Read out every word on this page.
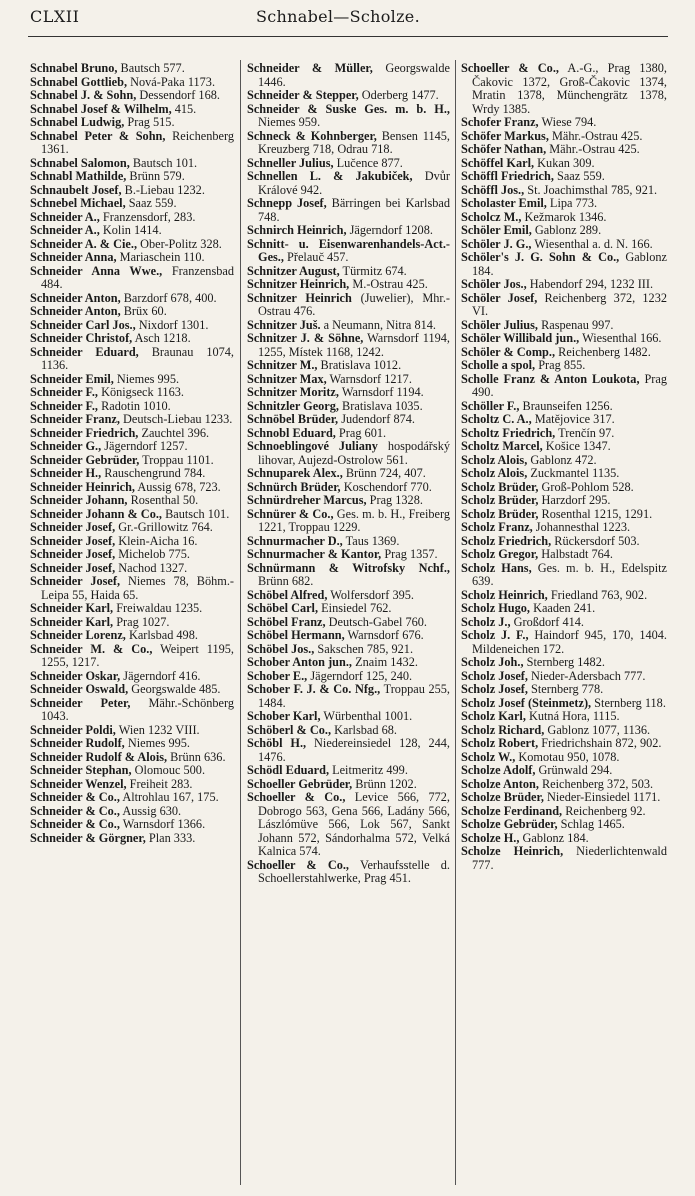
CLXII	Schnabel—Scholze.

Schnabel Bruno, Bautsch 577.

Schnabel Gottlieb, Nová-Paka 1173.

Schnabel J. & Sohn, Dessendorf 168.

Schnabel Josef & Wilhelm, 415.

Schnabel Ludwig, Prag 515.

Schnabel Peter & Sohn, Reichenberg 1361.

Schnabel Salomon, Bautsch 101.

Schnabl Mathilde, Brünn 579.

Schnaubelt Josef, B.-Liebau 1232.

Schnebel Michael, Saaz 559.

Schneider A., Franzensdorf, 283.

Schneider A., Kolin 1414.

Schneider A. & Cie., Ober-Politz 328.

Schneider Anna, Mariaschein 110.

Schneider Anna Wwe., Franzensbad 484.

Schneider Anton, Barzdorf 678, 400.

Schneider Anton, Brüx 60.

Schneider Carl Jos., Nixdorf 1301.

Schneider Christof, Asch 1218.

Schneider Eduard, Braunau 1074, 1136.

Schneider Emil, Niemes 995.

Schneider F., Königseck 1163.

Schneider F., Radotin 1010.

Schneider Franz, Deutsch-Liebau 1233.

Schneider Friedrich, Zauchtel 396.

Schneider G., Jägerndorf 1257.

Schneider Gebrüder, Troppau 1101.

Schneider H., Rauschengrund 784.

Schneider Heinrich, Aussig 678, 723.

Schneider Johann, Rosenthal 50.

Schneider Johann & Co., Bautsch 101.

Schneider Josef, Gr.-Grillowitz 764.

Schneider Josef, Klein-Aicha 16.

Schneider Josef, Michelob 775.

Schneider Josef, Nachod 1327.

Schneider Josef, Niemes 78, Böhm.-Leipa 55, Haida 65.

Schneider Karl, Freiwaldau 1235.

Schneider Karl, Prag 1027.

Schneider Lorenz, Karlsbad 498.

Schneider M. & Co., Weipert 1195, 1255, 1217.

Schneider Oskar, Jägerndorf 416.

Schneider Oswald, Georgswalde 485.

Schneider Peter, Mähr.-Schönberg 1043.

Schneider Poldi, Wien 1232 VIII.

Schneider Rudolf, Niemes 995.

Schneider Rudolf & Alois, Brünn 636.

Schneider Stephan, Olomouc 500.

Schneider Wenzel, Freiheit 283.

Schneider & Co., Altrohlau 167, 175.

Schneider & Co., Aussig 630.

Schneider & Co., Warnsdorf 1366.

Schneider & Görgner, Plan 333.

Schneider & Müller, Georgswalde 1446.

Schneider & Stepper, Oderberg 1477.

Schneider & Suske Ges. m. b. H., Niemes 959.

Schneck & Kohnberger, Bensen 1145, Kreuzberg 718, Odrau 718.

Schneller Julius, Lučence 877.

Schnellen L. & Jakubiček, Dvůr Králové 942.

Schnepp Josef, Bärringen bei Karlsbad 748.

Schnirch Heinrich, Jägerndorf 1208.

Schnitt- u. Eisenwarenhandels-Act.-Ges., Přelauč 457.

Schnitzer August, Türmitz 674.

Schnitzer Heinrich, M.-Ostrau 425.

Schnitzer Heinrich (Juwelier), Mhr.-Ostrau 476.

Schnitzer Juš. a Neumann, Nitra 814.

Schnitzer J. & Söhne, Warnsdorf 1194, 1255, Místek 1168, 1242.

Schnitzer M., Bratislava 1012.

Schnitzer Max, Warnsdorf 1217.

Schnitzer Moritz, Warnsdorf 1194.

Schnitzler Georg, Bratislava 1035.

Schnöbel Brüder, Judendorf 874.

Schnobl Eduard, Prag 601.

Schnoeblingové Juliany hospodářský lihovar, Aujezd-Ostrolow 561.

Schnuparek Alex., Brünn 724, 407.

Schnürch Brüder, Koschendorf 770.

Schnürdreher Marcus, Prag 1328.

Schnürer & Co., Ges. m. b. H., Freiberg 1221, Troppau 1229.

Schnurmacher D., Taus 1369.

Schnurmacher & Kantor, Prag 1357.

Schnürmann & Witrofsky Nchf., Brünn 682.

Schöbel Alfred, Wolfersdorf 395.

Schöbel Carl, Einsiedel 762.

Schöbel Franz, Deutsch-Gabel 760.

Schöbel Hermann, Warnsdorf 676.

Schöbel Jos., Sakschen 785, 921.

Schober Anton jun., Znaim 1432.

Schober E., Jägerndorf 125, 240.

Schober F. J. & Co. Nfg., Troppau 255, 1484.

Schober Karl, Würbenthal 1001.

Schöberl & Co., Karlsbad 68.

Schöbl H., Niedereinsiedel 128, 244, 1476.

Schödl Eduard, Leitmeritz 499.

Schoeller Gebrüder, Brünn 1202.

Schoeller & Co., Levice 566, 772, Dobrogo 563, Gena 566, Ladány 566, Lászlómüve 566, Lok 567, Sankt Johann 572, Sándorhalma 572, Velká Kalnica 574.

Schoeller & Co., Verhaufsstelle d. Schoellerstahlwerke, Prag 451.

Schoeller & Co., A.-G., Prag 1380, Čakovic 1372, Groß-Čakovic 1374, Mratin 1378, Münchengrätz 1378, Wrdy 1385.

Schofer Franz, Wiese 794.

Schöfer Markus, Mähr.-Ostrau 425.

Schöfer Nathan, Mähr.-Ostrau 425.

Schöffel Karl, Kukan 309.

Schöffl Friedrich, Saaz 559.

Schöffl Jos., St. Joachimsthal 785, 921.

Scholaster Emil, Lipa 773.

Scholcz M., Kežmarok 1346.

Schöler Emil, Gablonz 289.

Schöler J. G., Wiesenthal a. d. N. 166.

Schöler's J. G. Sohn & Co., Gablonz 184.

Schöler Jos., Habendorf 294, 1232 III.

Schöler Josef, Reichenberg 372, 1232 VI.

Schöler Julius, Raspenau 997.

Schöler Willibald jun., Wiesenthal 166.

Schöler & Comp., Reichenberg 1482.

Scholle a spol, Prag 855.

Scholle Franz & Anton Loukota, Prag 490.

Schöller F., Braunseifen 1256.

Scholtz C. A., Matějovice 317.

Scholtz Friedrich, Trenčín 97.

Scholtz Marcel, Košice 1347.

Scholz Alois, Gablonz 472.

Scholz Alois, Zuckmantel 1135.

Scholz Brüder, Groß-Pohlom 528.

Scholz Brüder, Harzdorf 295.

Scholz Brüder, Rosenthal 1215, 1291.

Scholz Franz, Johannesthal 1223.

Scholz Friedrich, Rückersdorf 503.

Scholz Gregor, Halbstadt 764.

Scholz Hans, Ges. m. b. H., Edelspitz 639.

Scholz Heinrich, Friedland 763, 902.

Scholz Hugo, Kaaden 241.

Scholz J., Großdorf 414.

Scholz J. F., Haindorf 945, 170, 1404. Mildeneichen 172.

Scholz Joh., Sternberg 1482.

Scholz Josef, Nieder-Adersbach 777.

Scholz Josef, Sternberg 778.

Scholz Josef (Steinmetz), Sternberg 118.

Scholz Karl, Kutná Hora, 1115.

Scholz Richard, Gablonz 1077, 1136.

Scholz Robert, Friedrichshain 872, 902.

Scholz W., Komotau 950, 1078.

Scholze Adolf, Grünwald 294.

Scholze Anton, Reichenberg 372, 503.

Scholze Brüder, Nieder-Einsiedel 1171.

Scholze Ferdinand, Reichenberg 92.

Scholze Gebrüder, Schlag 1465.

Scholze H., Gablonz 184.

Scholze Heinrich, Niederlichtenwald 777.
